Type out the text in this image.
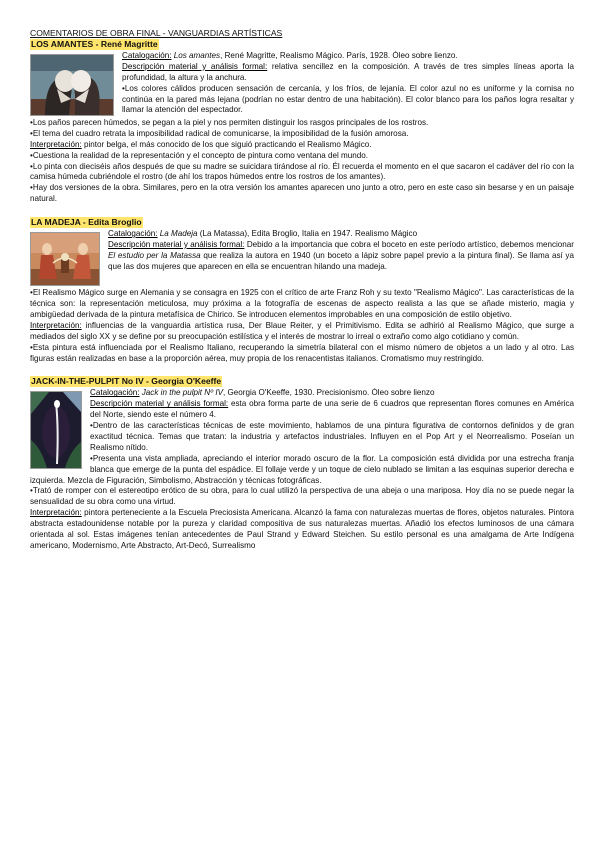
COMENTARIOS DE OBRA FINAL - VANGUARDIAS ARTÍSTICAS

LOS AMANTES - René Magritte

Catalogación: Los amantes, René Magritte, Realismo Mágico. París, 1928. Óleo sobre lienzo.

Descripción material y análisis formal: relativa sencillez en la composición. A través de tres simples líneas aporta la profundidad, la altura y la anchura.

•Los colores cálidos producen sensación de cercanía, y los fríos, de lejanía. El color azul no es uniforme y la cornisa no continúa en la pared más lejana (podrían no estar dentro de una habitación). El color blanco para los paños logra resaltar y llamar la atención del espectador.

•Los paños parecen húmedos, se pegan a la piel y nos permiten distinguir los rasgos principales de los rostros.

•El tema del cuadro retrata la imposibilidad radical de comunicarse, la imposibilidad de la fusión amorosa.

Interpretación: pintor belga, el más conocido de los que siguió practicando el Realismo Mágico.

•Cuestiona la realidad de la representación y el concepto de pintura como ventana del mundo.

•Lo pinta con dieciséis años después de que su madre se suicidara tirándose al río. Él recuerda el momento en el que sacaron el cadáver del río con la camisa húmeda cubriéndole el rostro (de ahí los trapos húmedos entre los rostros de los amantes).

•Hay dos versiones de la obra. Similares, pero en la otra versión los amantes aparecen uno junto a otro, pero en este caso sin besarse y en un paisaje natural.

LA MADEJA - Edita Broglio

Catalogación: La Madeja (La Matassa), Edita Broglio, Italia en 1947. Realismo Mágico

Descripción material y análisis formal: Debido a la importancia que cobra el boceto en este período artístico, debemos mencionar El estudio per la Matassa que realiza la autora en 1940 (un boceto a lápiz sobre papel previo a la pintura final). Se llama así ya que las dos mujeres que aparecen en ella se encuentran hilando una madeja.

•El Realismo Mágico surge en Alemania y se consagra en 1925 con el crítico de arte Franz Roh y su texto "Realismo Mágico". Las características de la técnica son: la representación meticulosa, muy próxima a la fotografía de escenas de aspecto realista a las que se añade misterio, magia y ambigüedad derivada de la pintura metafísica de Chirico. Se introducen elementos improbables en una composición de estilo objetivo.

Interpretación: influencias de la vanguardia artística rusa, Der Blaue Reiter, y el Primitivismo. Edita se adhirió al Realismo Mágico, que surge a mediados del siglo XX y se define por su preocupación estilística y el interés de mostrar lo irreal o extraño como algo cotidiano y común.

•Esta pintura está influenciada por el Realismo Italiano, recuperando la simetría bilateral con el mismo número de objetos a un lado y al otro. Las figuras están realizadas en base a la proporción aérea, muy propia de los renacentistas italianos. Cromatismo muy restringido.

JACK-IN-THE-PULPIT No IV - Georgia O'Keeffe

Catalogación: Jack in the pulpit Nº IV, Georgia O'Keeffe, 1930. Precisionismo. Óleo sobre lienzo

Descripción material y análisis formal: esta obra forma parte de una serie de 6 cuadros que representan flores comunes en América del Norte, siendo este el número 4.

•Dentro de las características técnicas de este movimiento, hablamos de una pintura figurativa de contornos definidos y de gran exactitud técnica. Temas que tratan: la industria y artefactos industriales. Influyen en el Pop Art y el Neorrealismo. Poseían un Realismo nítido.

•Presenta una vista ampliada, apreciando el interior morado oscuro de la flor. La composición está dividida por una estrecha franja blanca que emerge de la punta del espádice. El follaje verde y un toque de cielo nublado se limitan a las esquinas superior derecha e izquierda. Mezcla de Figuración, Simbolismo, Abstracción y técnicas fotográficas.

•Trató de romper con el estereotipo erótico de su obra, para lo cual utilizó la perspectiva de una abeja o una mariposa. Hoy día no se puede negar la sensualidad de su obra como una virtud.

Interpretación: pintora perteneciente a la Escuela Preciosista Americana. Alcanzó la fama con naturalezas muertas de flores, objetos naturales. Pintora abstracta estadounidense notable por la pureza y claridad compositiva de sus naturalezas muertas. Añadió los efectos luminosos de una cámara orientada al sol. Estas imágenes tenían antecedentes de Paul Strand y Edward Steichen. Su estilo personal es una amalgama de Arte Indígena americano, Modernismo, Arte Abstracto, Art-Decó, Surrealismo
